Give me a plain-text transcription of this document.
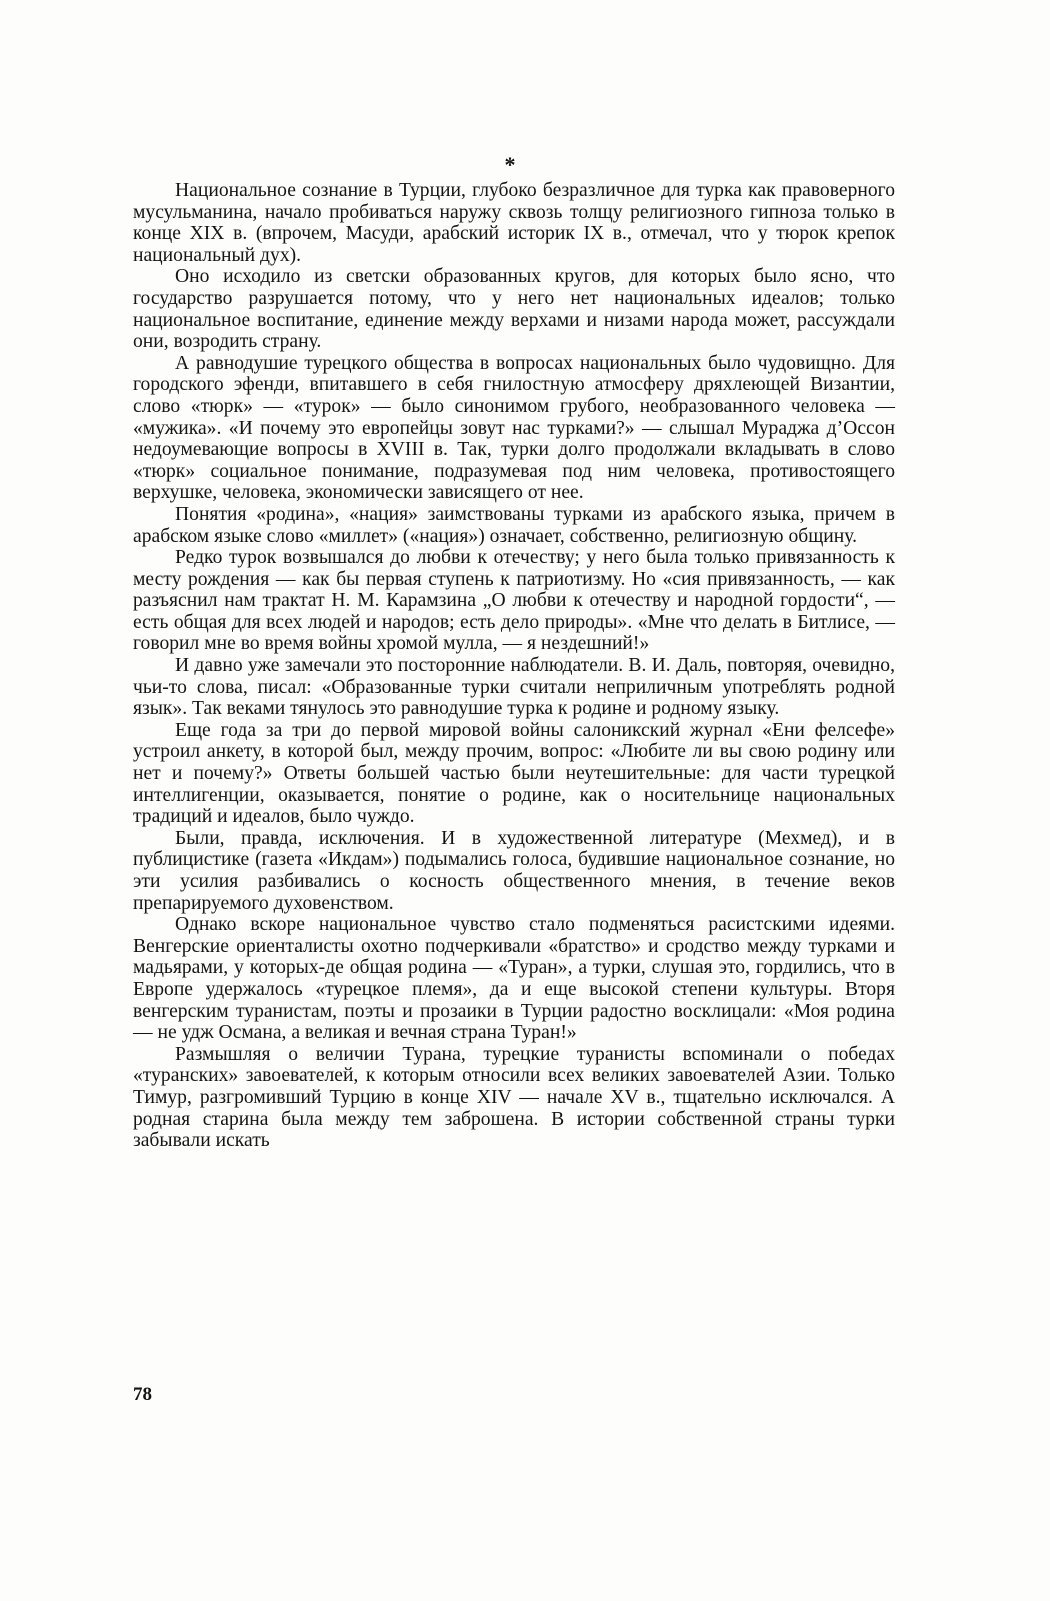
*

Национальное сознание в Турции, глубоко безразличное для турка как правоверного мусульманина, начало пробиваться наружу сквозь толщу религиозного гипноза только в конце XIX в. (впрочем, Масуди, арабский историк IX в., отмечал, что у тюрок крепок национальный дух).

Оно исходило из светски образованных кругов, для которых было ясно, что государство разрушается потому, что у него нет национальных идеалов; только национальное воспитание, единение между верхами и низами народа может, рассуждали они, возродить страну.

А равнодушие турецкого общества в вопросах национальных было чудовищно. Для городского эфенди, впитавшего в себя гнилостную атмосферу дряхлеющей Византии, слово «тюрк» — «турок» — было синонимом грубого, необразованного человека — «мужика». «И почему это европейцы зовут нас турками?» — слышал Мураджа д’Оссон недоумевающие вопросы в XVIII в. Так, турки долго продолжали вкладывать в слово «тюрк» социальное понимание, подразумевая под ним человека, противостоящего верхушке, человека, экономически зависящего от нее.

Понятия «родина», «нация» заимствованы турками из арабского языка, причем в арабском языке слово «миллет» («нация») означает, собственно, религиозную общину.

Редко турок возвышался до любви к отечеству; у него была только привязанность к месту рождения — как бы первая ступень к патриотизму. Но «сия привязанность, — как разъяснил нам трактат Н. М. Карамзина „О любви к отечеству и народной гордости“, — есть общая для всех людей и народов; есть дело природы». «Мне что делать в Битлисе, — говорил мне во время войны хромой мулла, — я нездешний!»

И давно уже замечали это посторонние наблюдатели. В. И. Даль, повторяя, очевидно, чьи-то слова, писал: «Образованные турки считали неприличным употреблять родной язык». Так веками тянулось это равнодушие турка к родине и родному языку.

Еще года за три до первой мировой войны салоникский журнал «Ени фелсефе» устроил анкету, в которой был, между прочим, вопрос: «Любите ли вы свою родину или нет и почему?» Ответы большей частью были неутешительные: для части турецкой интеллигенции, оказывается, понятие о родине, как о носительнице национальных традиций и идеалов, было чуждо.

Были, правда, исключения. И в художественной литературе (Мехмед), и в публицистике (газета «Икдам») подымались голоса, будившие национальное сознание, но эти усилия разбивались о косность общественного мнения, в течение веков препарируемого духовенством.

Однако вскоре национальное чувство стало подменяться расистскими идеями. Венгерские ориенталисты охотно подчеркивали «братство» и сродство между турками и мадьярами, у которых-де общая родина — «Туран», а турки, слушая это, гордились, что в Европе удержалось «турецкое племя», да и еще высокой степени культуры. Вторя венгерским туранистам, поэты и прозаики в Турции радостно восклицали: «Моя родина — не удж Османа, а великая и вечная страна Туран!»

Размышляя о величии Турана, турецкие туранисты вспоминали о победах «туранских» завоевателей, к которым относили всех великих завоевателей Азии. Только Тимур, разгромивший Турцию в конце XIV — начале XV в., тщательно исключался. А родная старина была между тем заброшена. В истории собственной страны турки забывали искать

78
